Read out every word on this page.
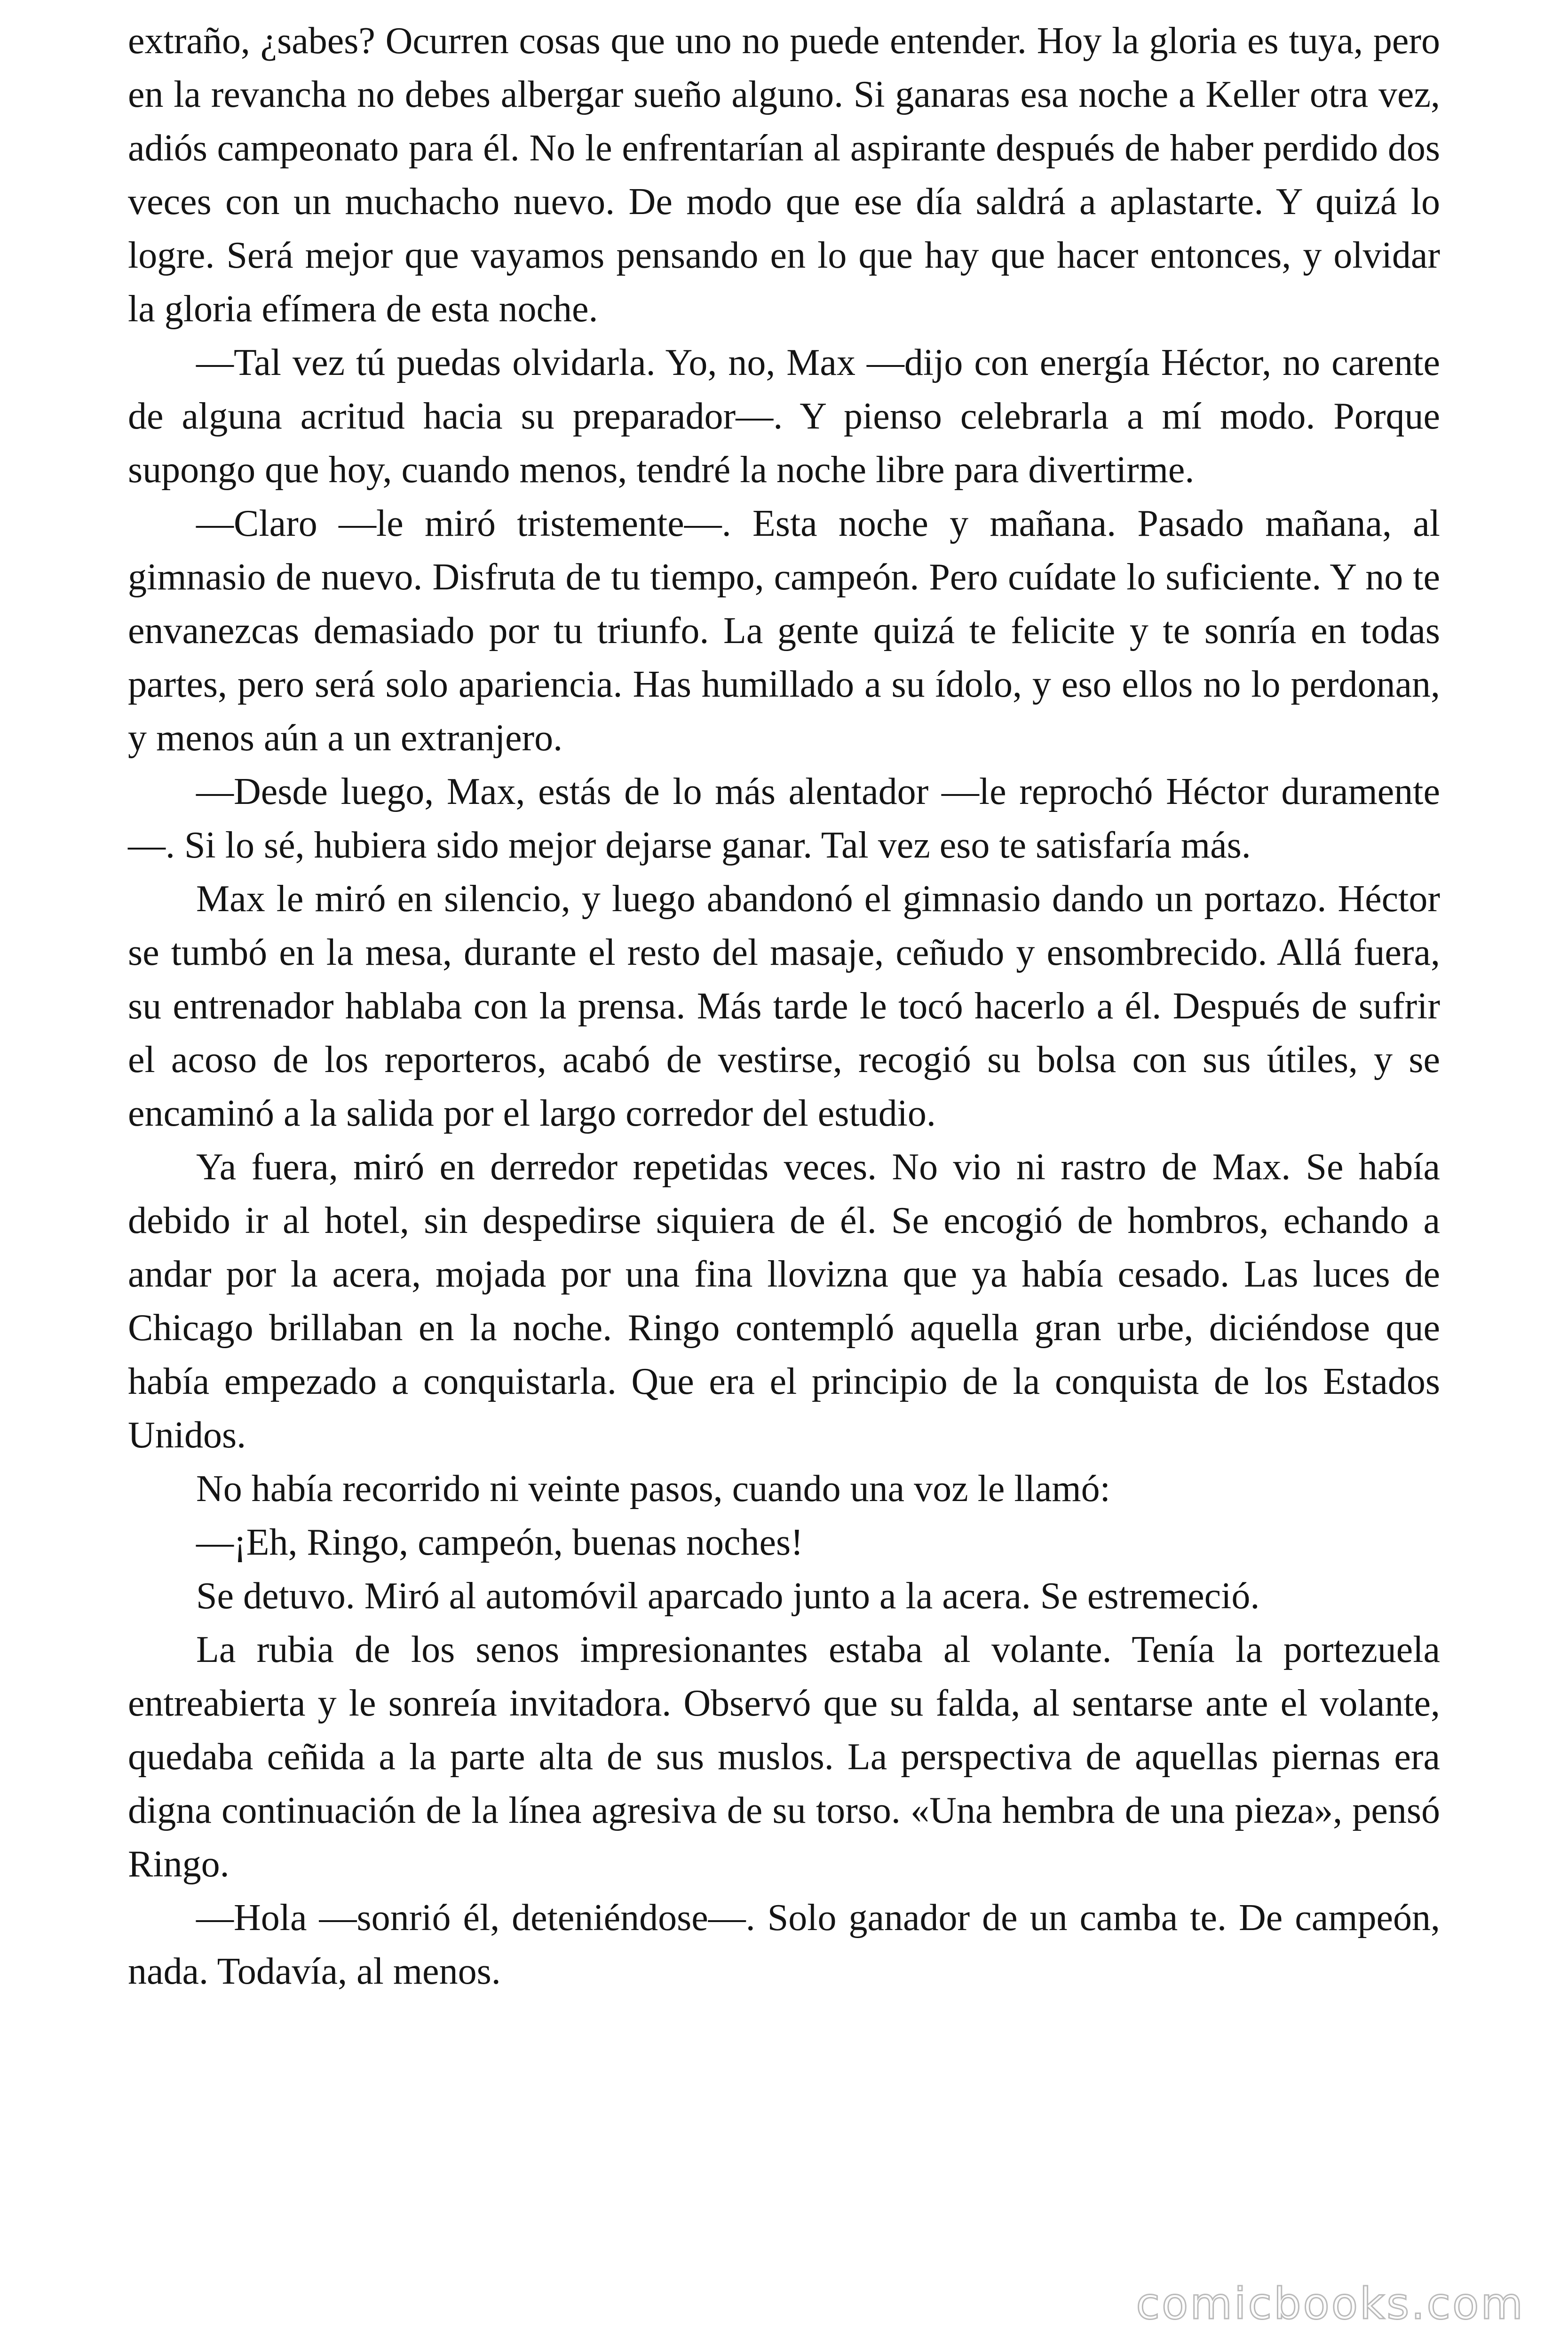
extraño, ¿sabes? Ocurren cosas que uno no puede entender. Hoy la gloria es tuya, pero en la revancha no debes albergar sueño alguno. Si ganaras esa noche a Keller otra vez, adiós campeonato para él. No le enfrentarían al aspirante después de haber perdido dos veces con un muchacho nuevo. De modo que ese día saldrá a aplastarte. Y quizá lo logre. Será mejor que vayamos pensando en lo que hay que hacer entonces, y olvidar la gloria efímera de esta noche.

—Tal vez tú puedas olvidarla. Yo, no, Max —dijo con energía Héctor, no carente de alguna acritud hacia su preparador—. Y pienso celebrarla a mí modo. Porque supongo que hoy, cuando menos, tendré la noche libre para divertirme.

—Claro —le miró tristemente—. Esta noche y mañana. Pasado mañana, al gimnasio de nuevo. Disfruta de tu tiempo, campeón. Pero cuídate lo suficiente. Y no te envanezcas demasiado por tu triunfo. La gente quizá te felicite y te sonría en todas partes, pero será solo apariencia. Has humillado a su ídolo, y eso ellos no lo perdonan, y menos aún a un extranjero.

—Desde luego, Max, estás de lo más alentador —le reprochó Héctor duramente—. Si lo sé, hubiera sido mejor dejarse ganar. Tal vez eso te satisfaría más.

Max le miró en silencio, y luego abandonó el gimnasio dando un portazo. Héctor se tumbó en la mesa, durante el resto del masaje, ceñudo y ensombrecido. Allá fuera, su entrenador hablaba con la prensa. Más tarde le tocó hacerlo a él. Después de sufrir el acoso de los reporteros, acabó de vestirse, recogió su bolsa con sus útiles, y se encaminó a la salida por el largo corredor del estudio.

Ya fuera, miró en derredor repetidas veces. No vio ni rastro de Max. Se había debido ir al hotel, sin despedirse siquiera de él. Se encogió de hombros, echando a andar por la acera, mojada por una fina llovizna que ya había cesado. Las luces de Chicago brillaban en la noche. Ringo contempló aquella gran urbe, diciéndose que había empezado a conquistarla. Que era el principio de la conquista de los Estados Unidos.

No había recorrido ni veinte pasos, cuando una voz le llamó:

—¡Eh, Ringo, campeón, buenas noches!

Se detuvo. Miró al automóvil aparcado junto a la acera. Se estremeció.

La rubia de los senos impresionantes estaba al volante. Tenía la portezuela entreabierta y le sonreía invitadora. Observó que su falda, al sentarse ante el volante, quedaba ceñida a la parte alta de sus muslos. La perspectiva de aquellas piernas era digna continuación de la línea agresiva de su torso. «Una hembra de una pieza», pensó Ringo.

—Hola —sonrió él, deteniéndose—. Solo ganador de un camba te. De campeón, nada. Todavía, al menos.

comicbooks.com
